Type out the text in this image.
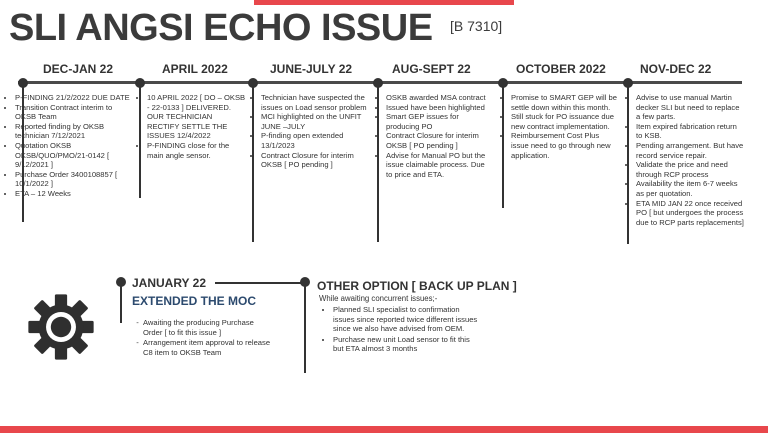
SLI ANGSI ECHO ISSUE [B 7310]
DEC-JAN 22
• P-FINDING 21/2/2022 DUE DATE
• Transition Contract interim to OKSB Team
• Reported finding by OKSB technician 7/12/2021
• Quotation OKSB OKSB/QUO/PMO/21-0142 [ 9/12/2021 ]
• Purchase Order 3400108857 [ 10/1/2022 ]
• ETA – 12 Weeks
APRIL 2022
• 10 APRIL 2022 [ DO – OKSB - 22-0133 ] DELIVERED. OUR TECHNICIAN RECTIFY SETTLE THE ISSUES 12/4/2022
• P-FINDING close for the main angle sensor.
JUNE-JULY 22
• Technician have suspected the issues on Load sensor problem
• MCI highlighted on the UNFIT JUNE –JULY
• P-finding open extended 13/1/2023
• Contract Closure for interim OKSB [ PO pending ]
AUG-SEPT 22
• OSKB awarded MSA contract
• Issued have been highlighted
• Smart GEP issues for producing PO
• Contract Closure for interim OKSB [ PO pending ]
• Advise for Manual PO but the issue claimable process. Due to price and ETA.
OCTOBER 2022
• Promise to SMART GEP will be settle down within this month.
• Still stuck for PO issuance due new contract implementation.
• Reimbursement Cost Plus issue need to go through new application.
NOV-DEC 22
• Advise to use manual Martin decker SLI but need to replace a few parts.
• Item expired fabrication return to KSB.
• Pending arrangement. But have record service repair.
• Validate the price and need through RCP process
• Availability the item 6-7 weeks as per quotation.
• ETA MID JAN 22 once received PO [ but undergoes the process due to RCP parts replacements]
JANUARY 22
EXTENDED THE MOC
- Awaiting the producing Purchase Order [ to fit this issue ]
- Arrangement item approval to release C8 item to OKSB Team
OTHER OPTION [ BACK UP PLAN ]
While awaiting concurrent issues;-
• Planned SLI specialist to confirmation issues since reported twice different issues since we also have advised from OEM.
• Purchase new unit Load sensor to fit this but ETA almost 3 months
